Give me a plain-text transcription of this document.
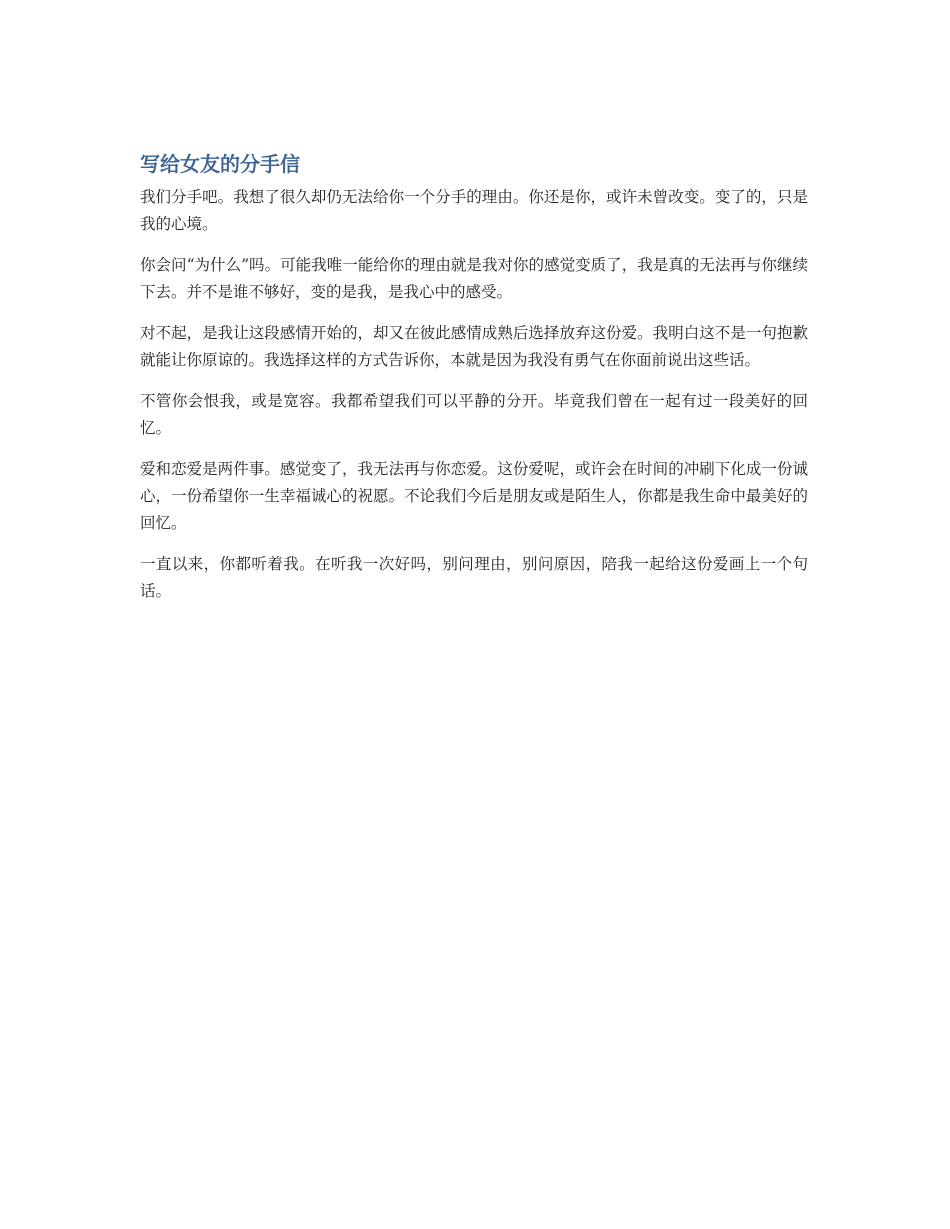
写给女友的分手信

我们分手吧。我想了很久却仍无法给你一个分手的理由。你还是你，或许未曾改变。变了的，只是我的心境。

你会问“为什么”吗。可能我唯一能给你的理由就是我对你的感觉变质了，我是真的无法再与你继续下去。并不是谁不够好，变的是我，是我心中的感受。

对不起，是我让这段感情开始的，却又在彼此感情成熟后选择放弃这份爱。我明白这不是一句抱歉就能让你原谅的。我选择这样的方式告诉你，本就是因为我没有勇气在你面前说出这些话。

不管你会恨我，或是宽容。我都希望我们可以平静的分开。毕竟我们曾在一起有过一段美好的回忆。

爱和恋爱是两件事。感觉变了，我无法再与你恋爱。这份爱呢，或许会在时间的冲刷下化成一份诚心，一份希望你一生幸福诚心的祝愿。不论我们今后是朋友或是陌生人，你都是我生命中最美好的回忆。

一直以来，你都听着我。在听我一次好吗，别问理由，别问原因，陪我一起给这份爱画上一个句话。
